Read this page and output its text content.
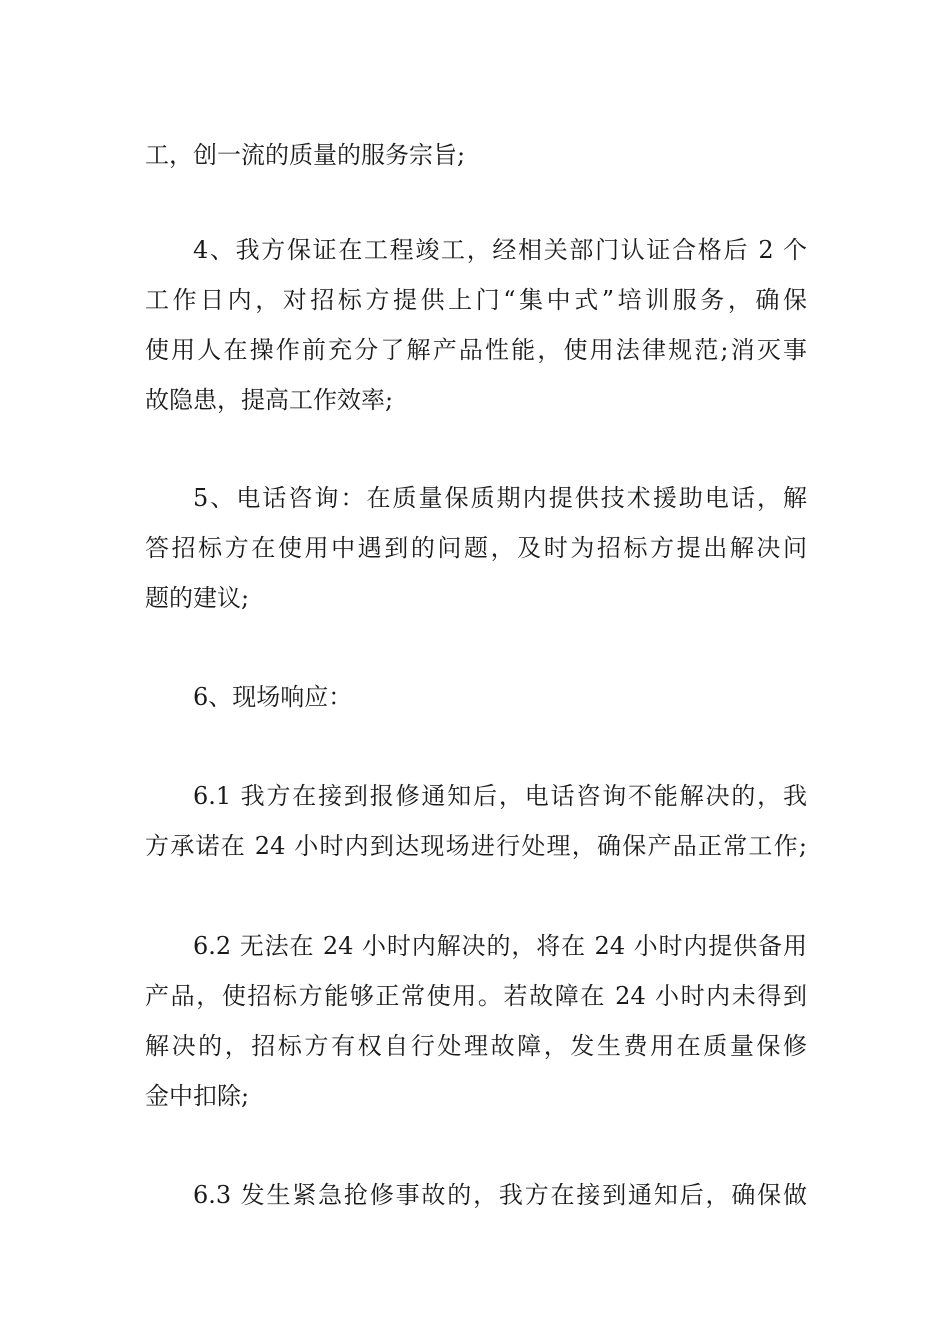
工，创一流的质量的服务宗旨;
4、我方保证在工程竣工，经相关部门认证合格后 2 个
工作日内，对招标方提供上门“集中式”培训服务，确保
使用人在操作前充分了解产品性能，使用法律规范;消灭事
故隐患，提高工作效率;
5、电话咨询：在质量保质期内提供技术援助电话，解
答招标方在使用中遇到的问题，及时为招标方提出解决问
题的建议;
6、现场响应：
6.1 我方在接到报修通知后，电话咨询不能解决的，我
方承诺在 24 小时内到达现场进行处理，确保产品正常工作;
6.2 无法在 24 小时内解决的，将在 24 小时内提供备用
产品，使招标方能够正常使用。若故障在 24 小时内未得到
解决的，招标方有权自行处理故障，发生费用在质量保修
金中扣除;
6.3 发生紧急抢修事故的，我方在接到通知后，确保做
